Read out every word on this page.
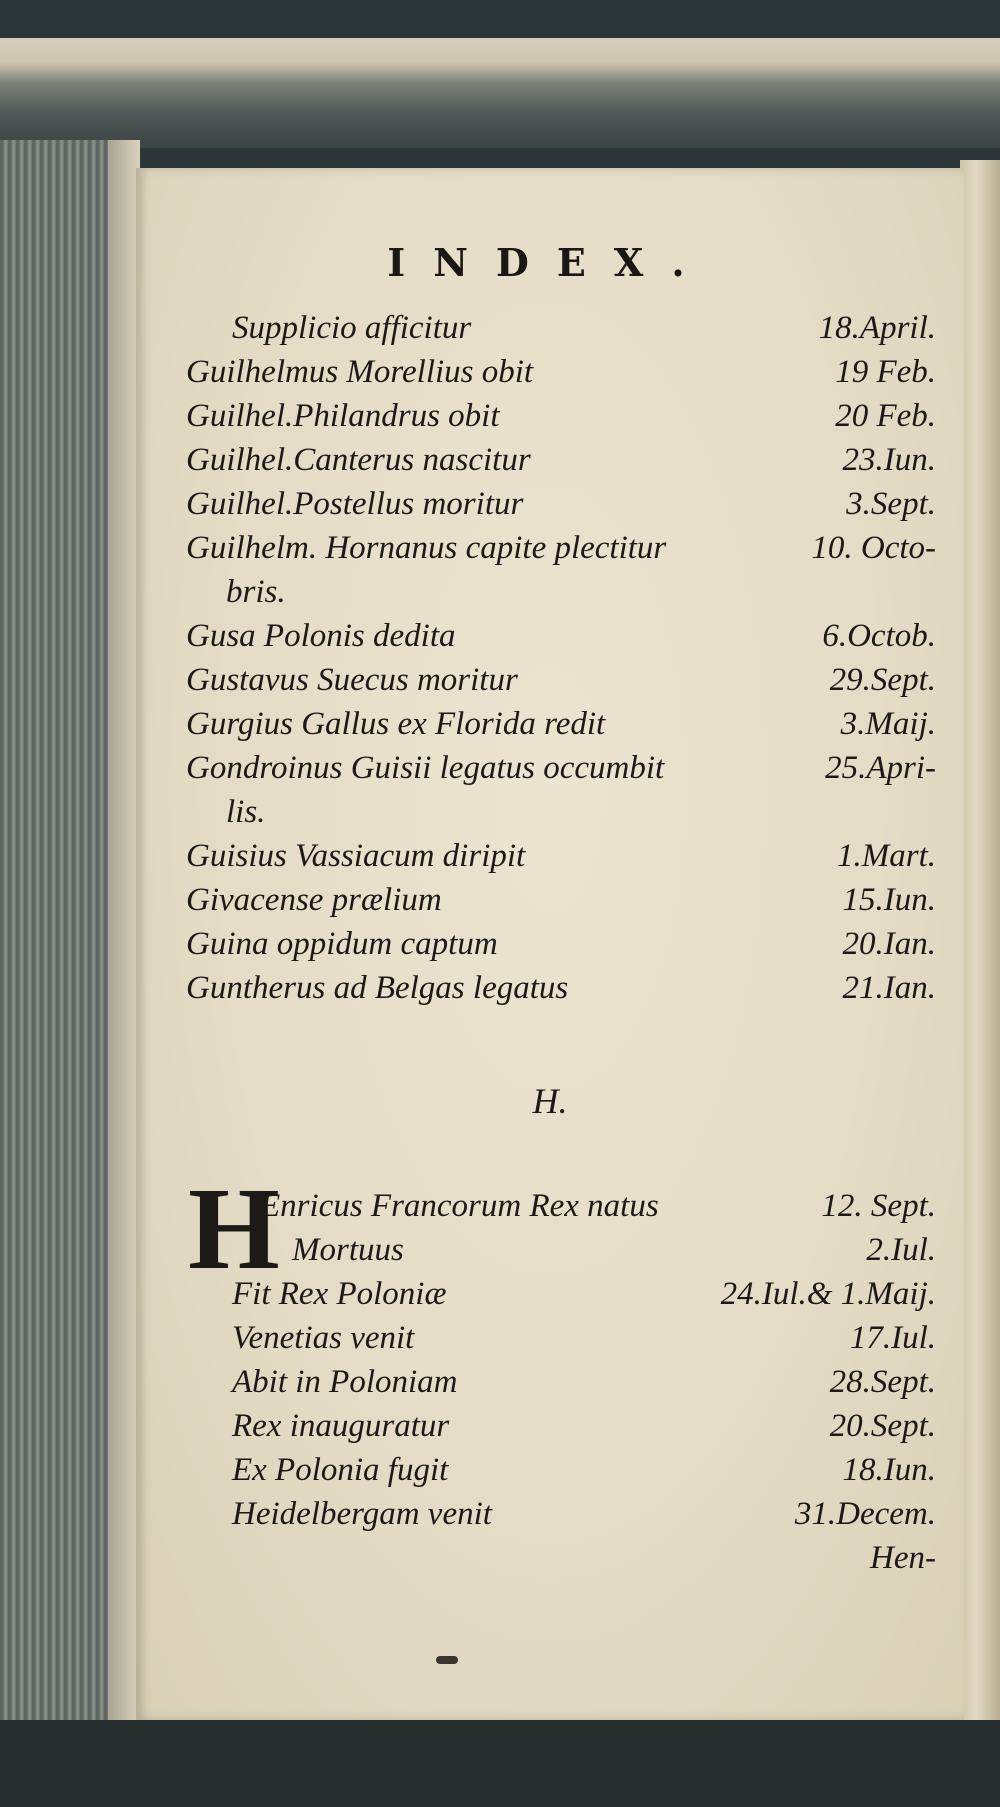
INDEX.
Supplicio afficitur	18.April.
Guilhelmus Morellius obit	19 Feb.
Guilhel.Philandrus obit	20 Feb.
Guilhel.Canterus nascitur	23.Iun.
Guilhel.Postellus moritur	3.Sept.
Guilhelm. Hornanus capite plectitur	10. Octo-
bris.
Gusa Polonis dedita	6.Octob.
Gustavus Suecus moritur	29.Sept.
Gurgius Gallus ex Florida redit	3.Maij.
Gondroinus Guisii legatus occumbit	25.Apri-
lis.
Guisius Vassiacum diripit	1.Mart.
Givacense prælium	15.Iun.
Guina oppidum captum	20.Ian.
Guntherus ad Belgas legatus	21.Ian.
H.
H
Enricus Francorum Rex natus	12. Sept.
Mortuus	2.Iul.
Fit Rex Poloniæ	24.Iul.& 1.Maij.
Venetias venit	17.Iul.
Abit in Poloniam	28.Sept.
Rex inauguratur	20.Sept.
Ex Polonia fugit	18.Iun.
Heidelbergam venit	31.Decem.
Hen-
